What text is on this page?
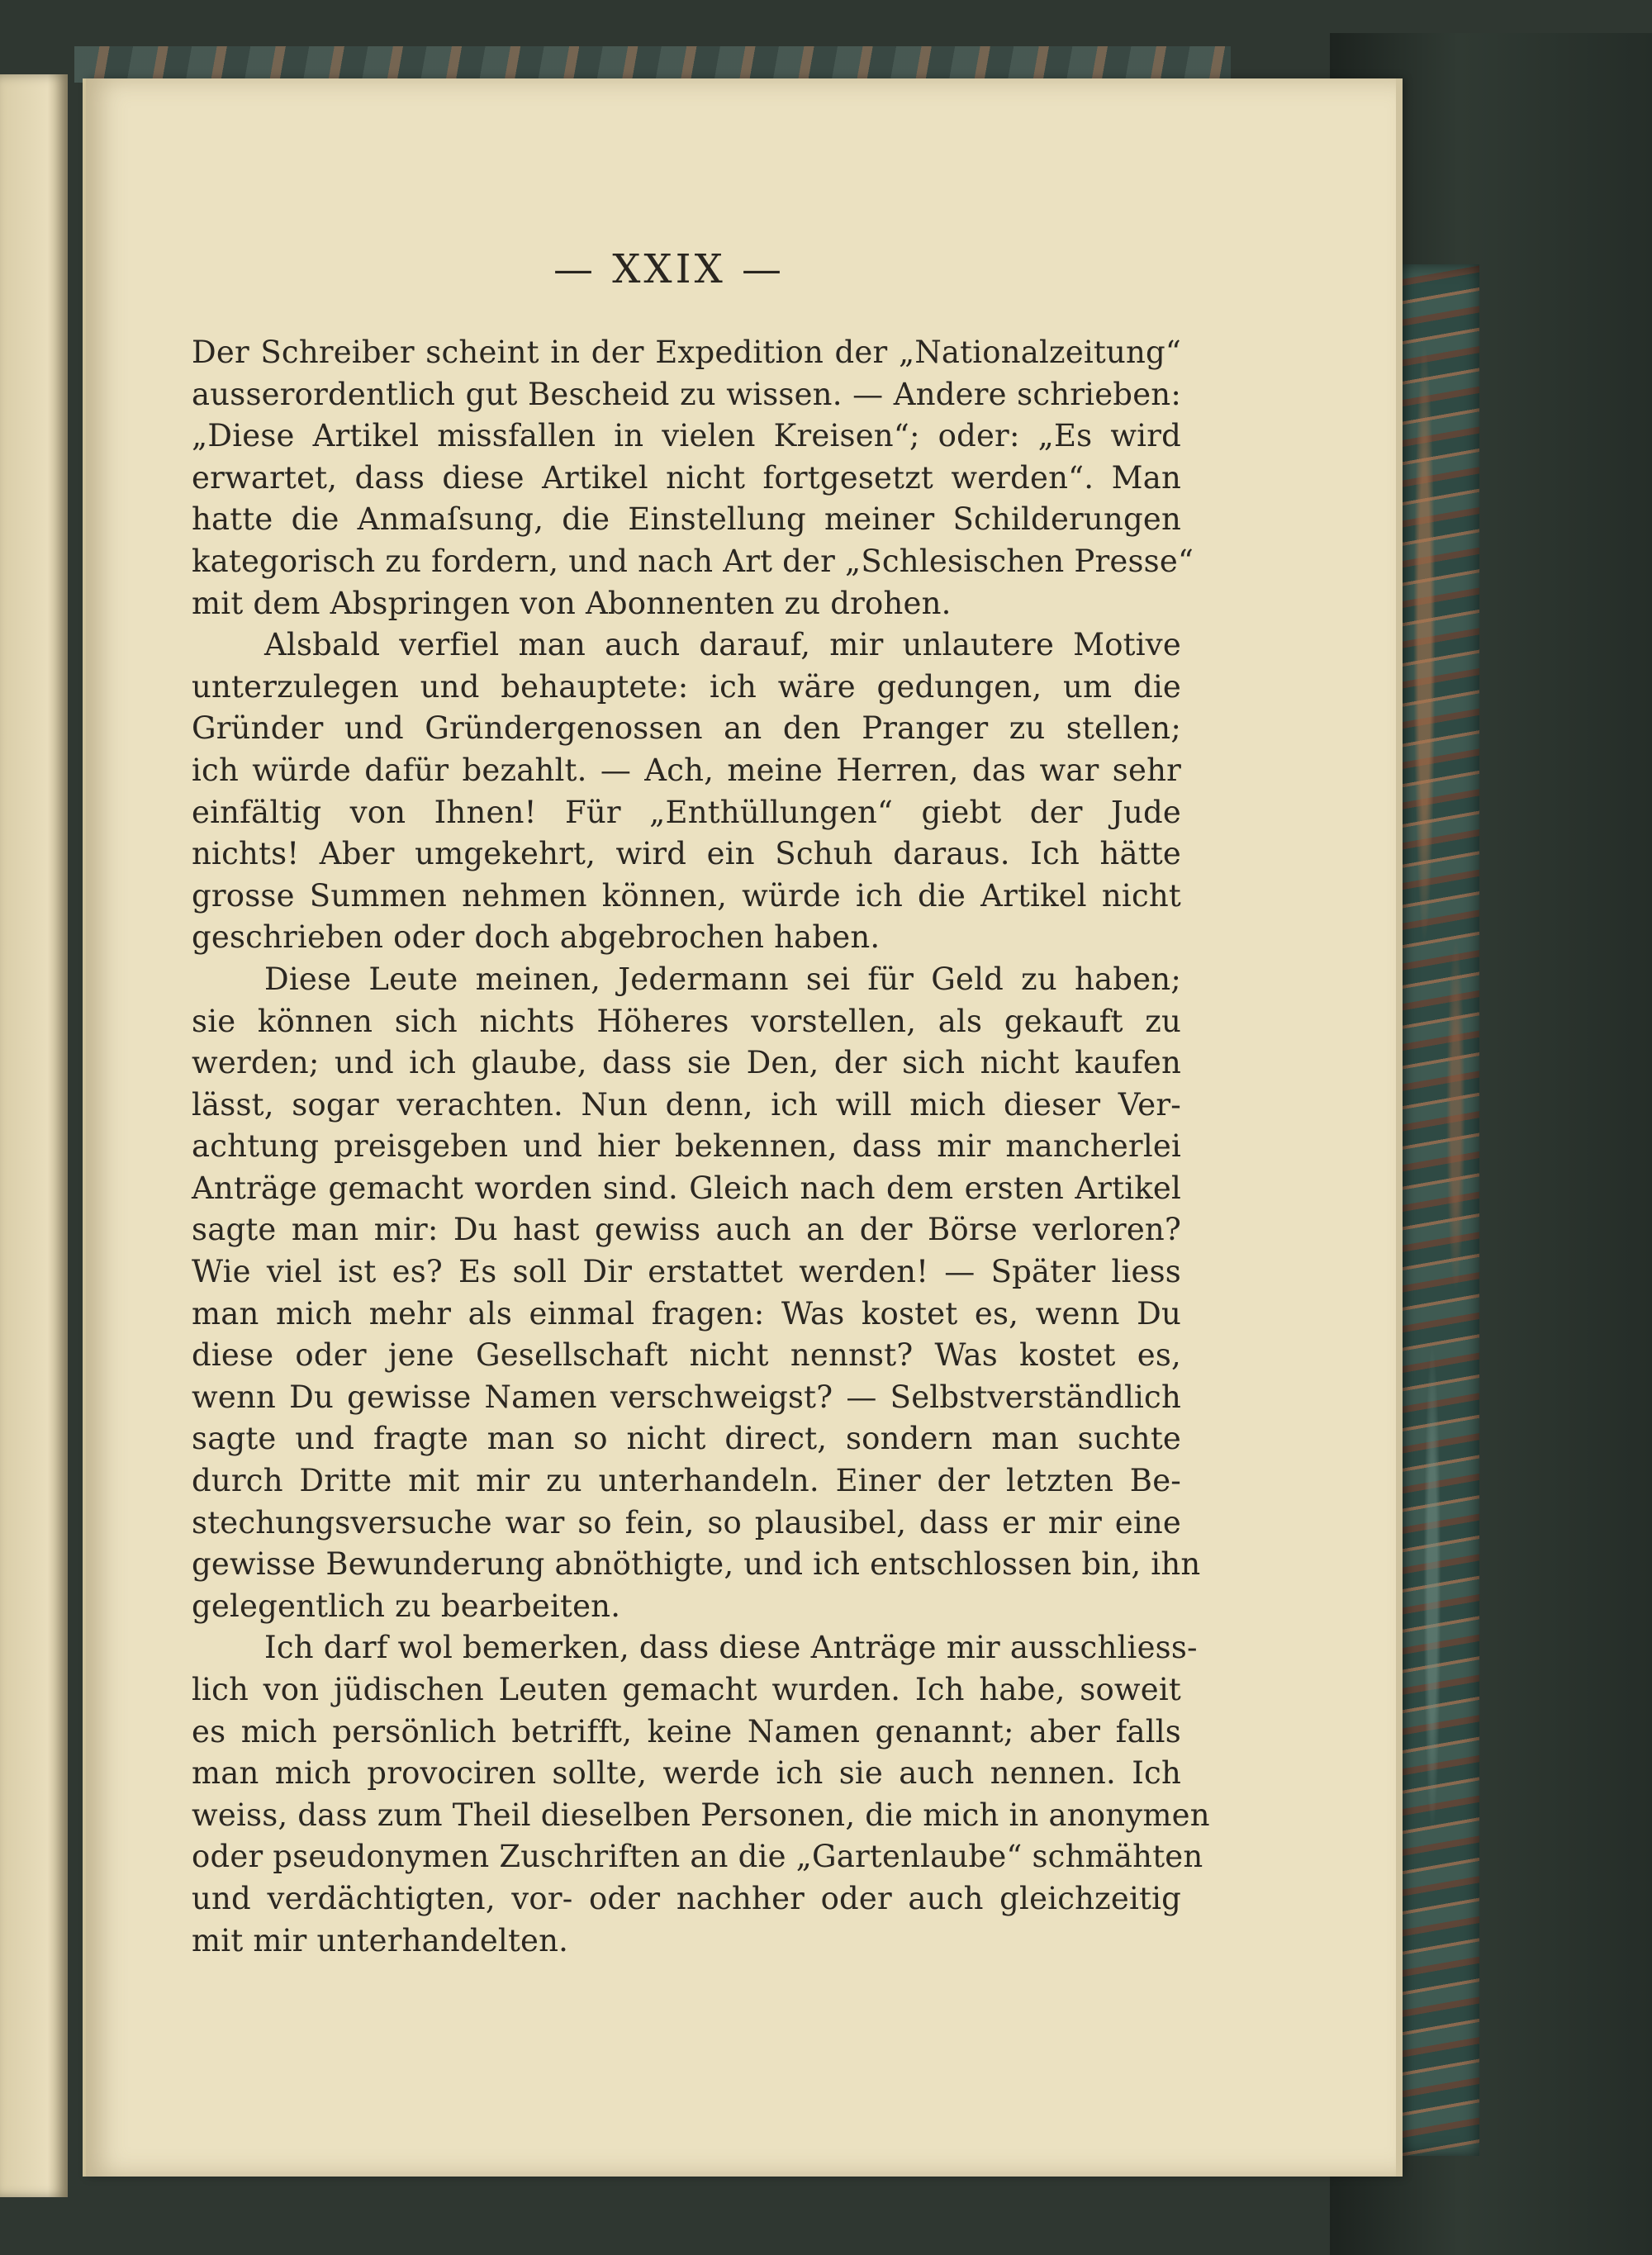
— XXIX —
Der Schreiber scheint in der Expedition der „Nationalzeitung“
ausserordentlich gut Bescheid zu wissen. — Andere schrieben:
„Diese Artikel missfallen in vielen Kreisen“; oder: „Es wird
erwartet, dass diese Artikel nicht fortgesetzt werden“. Man
hatte die Anmaſsung, die Einstellung meiner Schilderungen
kategorisch zu fordern, und nach Art der „Schlesischen Presse“
mit dem Abspringen von Abonnenten zu drohen.
Alsbald verfiel man auch darauf, mir unlautere Motive
unterzulegen und behauptete: ich wäre gedungen, um die
Gründer und Gründergenossen an den Pranger zu stellen;
ich würde dafür bezahlt. — Ach, meine Herren, das war sehr
einfältig von Ihnen! Für „Enthüllungen“ giebt der Jude
nichts! Aber umgekehrt, wird ein Schuh daraus. Ich hätte
grosse Summen nehmen können, würde ich die Artikel nicht
geschrieben oder doch abgebrochen haben.
Diese Leute meinen, Jedermann sei für Geld zu haben;
sie können sich nichts Höheres vorstellen, als gekauft zu
werden; und ich glaube, dass sie Den, der sich nicht kaufen
lässt, sogar verachten. Nun denn, ich will mich dieser Ver-
achtung preisgeben und hier bekennen, dass mir mancherlei
Anträge gemacht worden sind. Gleich nach dem ersten Artikel
sagte man mir: Du hast gewiss auch an der Börse verloren?
Wie viel ist es? Es soll Dir erstattet werden! — Später liess
man mich mehr als einmal fragen: Was kostet es, wenn Du
diese oder jene Gesellschaft nicht nennst? Was kostet es,
wenn Du gewisse Namen verschweigst? — Selbstverständlich
sagte und fragte man so nicht direct, sondern man suchte
durch Dritte mit mir zu unterhandeln. Einer der letzten Be-
stechungsversuche war so fein, so plausibel, dass er mir eine
gewisse Bewunderung abnöthigte, und ich entschlossen bin, ihn
gelegentlich zu bearbeiten.
Ich darf wol bemerken, dass diese Anträge mir ausschliess-
lich von jüdischen Leuten gemacht wurden. Ich habe, soweit
es mich persönlich betrifft, keine Namen genannt; aber falls
man mich provociren sollte, werde ich sie auch nennen. Ich
weiss, dass zum Theil dieselben Personen, die mich in anonymen
oder pseudonymen Zuschriften an die „Gartenlaube“ schmähten
und verdächtigten, vor- oder nachher oder auch gleichzeitig
mit mir unterhandelten.
